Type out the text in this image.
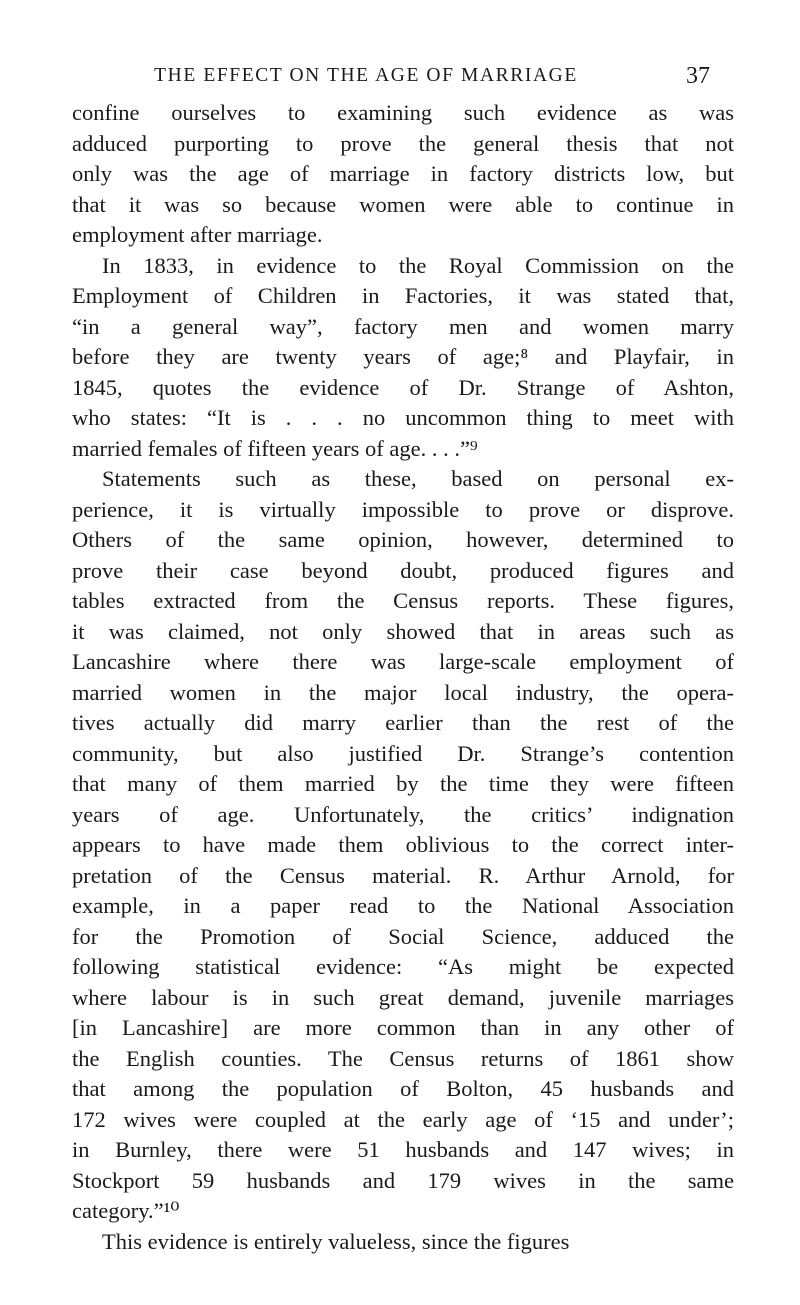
THE EFFECT ON THE AGE OF MARRIAGE	37
confine ourselves to examining such evidence as was
adduced purporting to prove the general thesis that not
only was the age of marriage in factory districts low, but
that it was so because women were able to continue in
employment after marriage.
In 1833, in evidence to the Royal Commission on the
Employment of Children in Factories, it was stated that,
“in a general way”, factory men and women marry
before they are twenty years of age;⁸ and Playfair, in
1845, quotes the evidence of Dr. Strange of Ashton,
who states: “It is . . . no uncommon thing to meet with
married females of fifteen years of age. . . .”⁹
Statements such as these, based on personal ex-
perience, it is virtually impossible to prove or disprove.
Others of the same opinion, however, determined to
prove their case beyond doubt, produced figures and
tables extracted from the Census reports. These figures,
it was claimed, not only showed that in areas such as
Lancashire where there was large-scale employment of
married women in the major local industry, the opera-
tives actually did marry earlier than the rest of the
community, but also justified Dr. Strange’s contention
that many of them married by the time they were fifteen
years of age. Unfortunately, the critics’ indignation
appears to have made them oblivious to the correct inter-
pretation of the Census material. R. Arthur Arnold, for
example, in a paper read to the National Association
for the Promotion of Social Science, adduced the
following statistical evidence: “As might be expected
where labour is in such great demand, juvenile marriages
[in Lancashire] are more common than in any other of
the English counties. The Census returns of 1861 show
that among the population of Bolton, 45 husbands and
172 wives were coupled at the early age of ‘15 and under’;
in Burnley, there were 51 husbands and 147 wives; in
Stockport 59 husbands and 179 wives in the same
category.”¹⁰
This evidence is entirely valueless, since the figures
